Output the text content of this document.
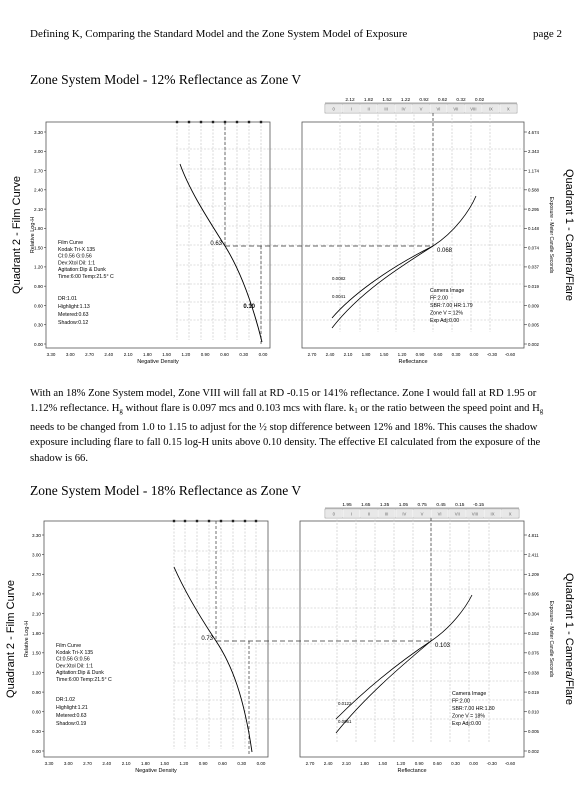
Defining K, Comparing the Standard Model and the Zone System Model of Exposure	page 2
Zone System Model - 12% Reflectance as Zone V
Quadrant 2 - Film Curve	Quadrant 1 - Camera/Flare
Relative Log-H	Exposure - Meter Candle Seconds
3.30
3.00
2.70
2.40
2.10
1.80
1.50
1.20
0.90
0.60
0.30
0.00
4.674
2.343
1.174
0.588
0.295
0.148
0.074
0.037
0.019
0.009
0.005
0.002
3.30 3.00 2.70 2.40 2.10 1.80 1.50 1.20 0.90 0.60 0.30 0.00
Negative Density
2.70 2.40 2.10 1.80 1.50 1.20 0.90 0.60 0.30 0.00 -0.30 -0.60
Reflectance
2.12 1.82 1.52 1.22 0.92 0.62 0.32 0.02
0	I	II	III	IV	V	VI	VII	VIII	IX	X
0.63
0.10
0.068
0.0082
0.0041
Film Curve
Kodak Tri-X 135
CI:0.56 G:0.56
Dev:Xtol Dil: 1:1
Agitation:Dip & Dunk
Time:6:00 Temp:21.5° C
DR:1.01
Highlight:1.13
Metered:0.63
Shadow:0.12
Camera Image
FF:2.00
SBR:7.00 HR:1.79
Zone V = 12%
Exp Adj:0.00
With an 18% Zone System model, Zone VIII will fall at RD -0.15 or 141% reflectance. Zone I would fall at RD 1.95 or 1.12% reflectance. $H_g$ without flare is 0.097 mcs and 0.103 mcs with flare. $k_1$ or the ratio between the speed point and $H_g$ needs to be changed from 1.0 to 1.15 to adjust for the ½ stop difference between 12% and 18%. This causes the shadow exposure including flare to fall 0.15 log-H units above 0.10 density. The effective EI calculated from the exposure of the shadow is 66.
Zone System Model - 18% Reflectance as Zone V
Quadrant 2 - Film Curve	Quadrant 1 - Camera/Flare
Relative Log-H	Exposure - Meter Candle Seconds
3.30
3.00
2.70
2.40
2.10
1.80
1.50
1.20
0.90
0.60
0.30
0.00
4.811
2.411
1.209
0.606
0.304
0.152
0.076
0.038
0.019
0.010
0.005
0.002
3.30 3.00 2.70 2.40 2.10 1.80 1.50 1.20 0.90 0.60 0.30 0.00
Negative Density
2.70 2.40 2.10 1.80 1.50 1.20 0.90 0.60 0.30 0.00 -0.30 -0.60
Reflectance
1.95 1.65 1.35 1.05 0.75 0.45 0.15 -0.15
0	I	II	III	IV	V	VI	VII	VIII	IX	X
0.73
0.103
0.0122
0.0061
Film Curve
Kodak Tri-X 135
CI:0.56 G:0.56
Dev:Xtol Dil: 1:1
Agitation:Dip & Dunk
Time:6:00 Temp:21.5° C
DR:1.02
Highlight:1.21
Metered:0.63
Shadow:0.19
Camera Image
FF:2.00
SBR:7.00 HR:1.80
Zone V = 18%
Exp Adj:0.00
